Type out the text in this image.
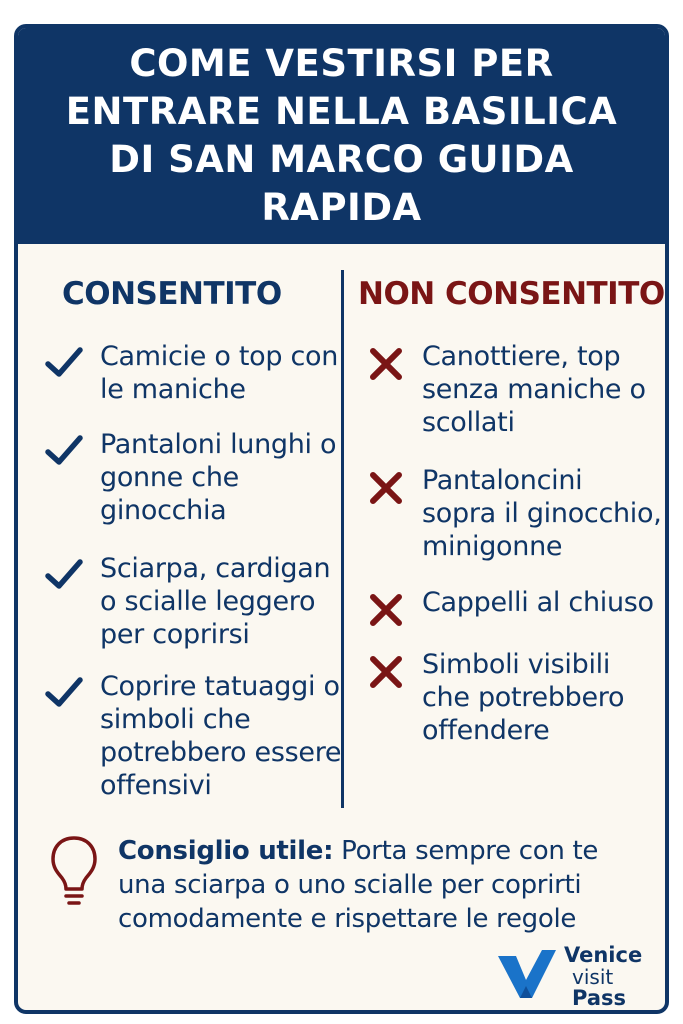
COME VESTIRSI PER ENTRARE NELLA BASILICA DI SAN MARCO GUIDA RAPIDA
CONSENTITO NON CONSENTITO
Camicie o top con le maniche
Pantaloni lunghi o gonne che ginocchia
Sciarpa, cardigan o scialle leggero per coprirsi
Coprire tatuaggi o simboli che potrebbero essere offensivi
Canottiere, top senza maniche o scollati
Pantaloncini sopra il ginocchio, minigonne
Cappelli al chiuso
Simboli visibili che potrebbero offendere
Consiglio utile: Porta sempre con te una sciarpa o uno scialle per coprirti comodamente e rispettare le regole
Venice
visit
Pass
